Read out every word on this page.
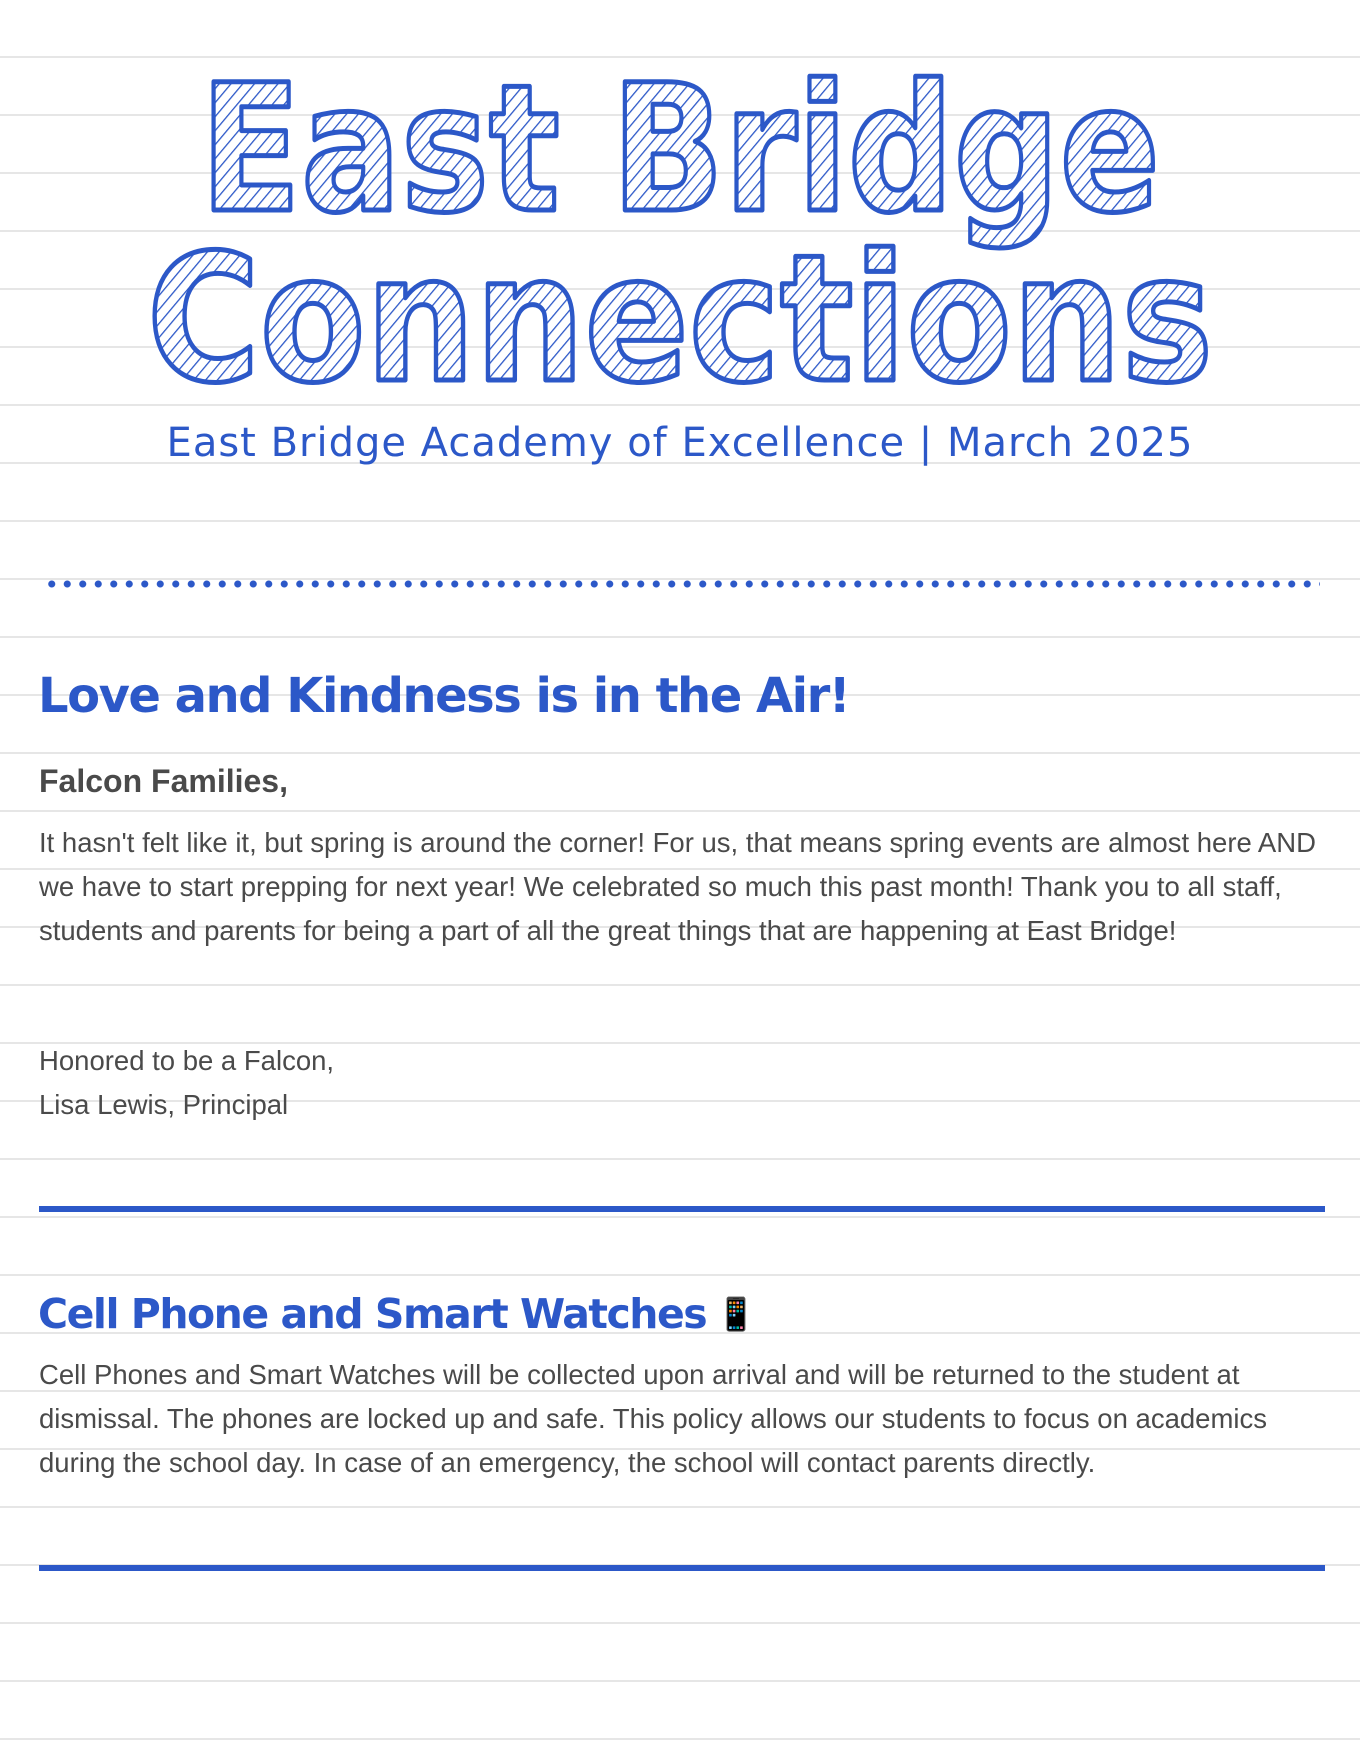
East Bridge
Connections
East Bridge Academy of Excellence | March 2025
Love and Kindness is in the Air!
Falcon Families,

It hasn't felt like it, but spring is around the corner! For us, that means spring events are almost here AND we have to start prepping for next year! We celebrated so much this past month! Thank you to all staff, students and parents for being a part of all the great things that are happening at East Bridge!

Honored to be a Falcon,
Lisa Lewis, Principal

Cell Phone and Smart Watches 📱

Cell Phones and Smart Watches will be collected upon arrival and will be returned to the student at dismissal. The phones are locked up and safe. This policy allows our students to focus on academics during the school day. In case of an emergency, the school will contact parents directly.
